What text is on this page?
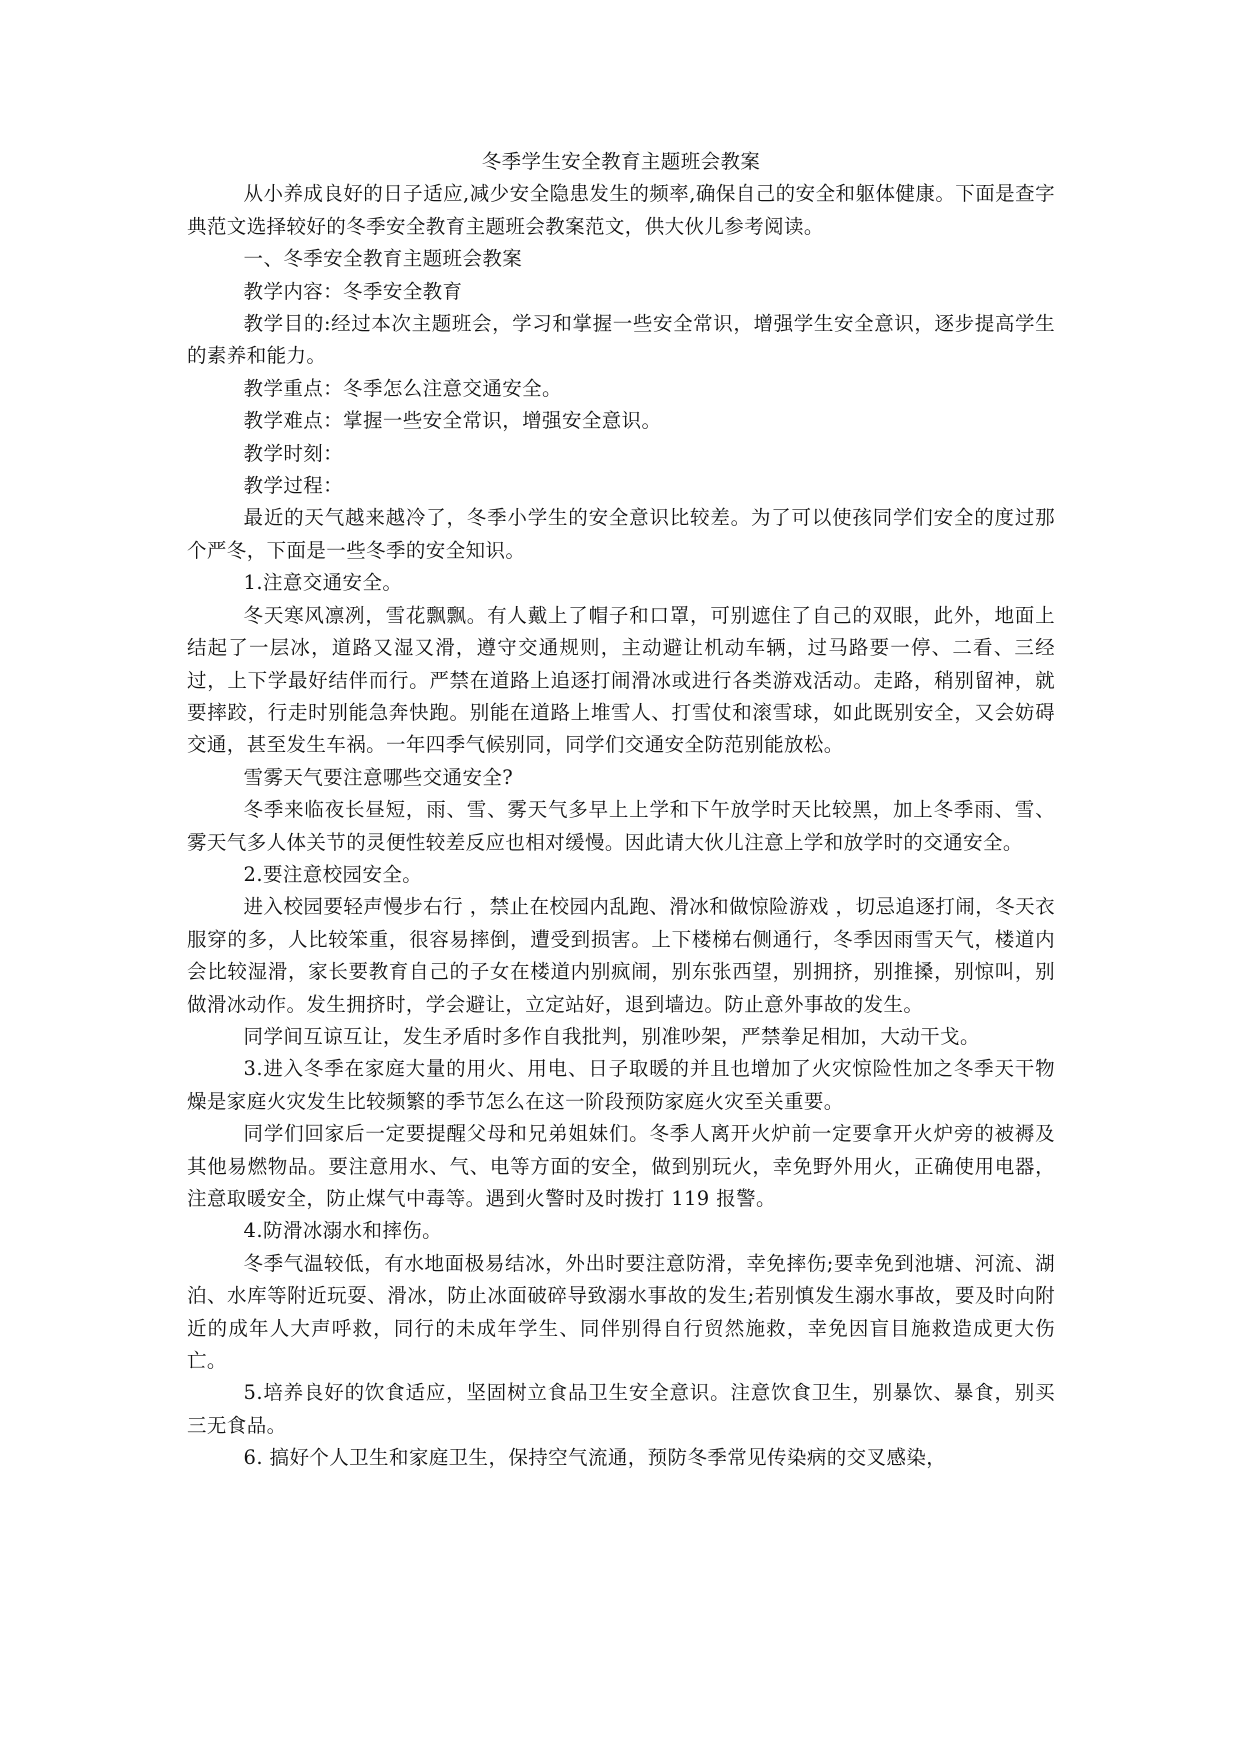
冬季学生安全教育主题班会教案

从小养成良好的日子适应,减少安全隐患发生的频率,确保自己的安全和躯体健康。下面是查字典范文选择较好的冬季安全教育主题班会教案范文，供大伙儿参考阅读。

一、冬季安全教育主题班会教案

教学内容：冬季安全教育

教学目的:经过本次主题班会，学习和掌握一些安全常识，增强学生安全意识，逐步提高学生的素养和能力。

教学重点：冬季怎么注意交通安全。

教学难点：掌握一些安全常识，增强安全意识。

教学时刻：

教学过程：

最近的天气越来越冷了，冬季小学生的安全意识比较差。为了可以使孩同学们安全的度过那个严冬，下面是一些冬季的安全知识。

1.注意交通安全。

冬天寒风凛冽，雪花飘飘。有人戴上了帽子和口罩，可别遮住了自己的双眼，此外，地面上结起了一层冰，道路又湿又滑，遵守交通规则，主动避让机动车辆，过马路要一停、二看、三经过，上下学最好结伴而行。严禁在道路上追逐打闹滑冰或进行各类游戏活动。走路，稍别留神，就要摔跤，行走时别能急奔快跑。别能在道路上堆雪人、打雪仗和滚雪球，如此既别安全，又会妨碍交通，甚至发生车祸。一年四季气候别同，同学们交通安全防范别能放松。

雪雾天气要注意哪些交通安全?

冬季来临夜长昼短，雨、雪、雾天气多早上上学和下午放学时天比较黑，加上冬季雨、雪、雾天气多人体关节的灵便性较差反应也相对缓慢。因此请大伙儿注意上学和放学时的交通安全。

2.要注意校园安全。

进入校园要轻声慢步右行 ，禁止在校园内乱跑、滑冰和做惊险游戏 ，切忌追逐打闹，冬天衣服穿的多，人比较笨重，很容易摔倒，遭受到损害。上下楼梯右侧通行，冬季因雨雪天气，楼道内会比较湿滑，家长要教育自己的子女在楼道内别疯闹，别东张西望，别拥挤，别推搡，别惊叫，别做滑冰动作。发生拥挤时，学会避让，立定站好，退到墙边。防止意外事故的发生。

同学间互谅互让，发生矛盾时多作自我批判，别准吵架，严禁拳足相加，大动干戈。

3.进入冬季在家庭大量的用火、用电、日子取暖的并且也增加了火灾惊险性加之冬季天干物燥是家庭火灾发生比较频繁的季节怎么在这一阶段预防家庭火灾至关重要。

同学们回家后一定要提醒父母和兄弟姐妹们。冬季人离开火炉前一定要拿开火炉旁的被褥及其他易燃物品。要注意用水、气、电等方面的安全，做到别玩火，幸免野外用火，正确使用电器，注意取暖安全，防止煤气中毒等。遇到火警时及时拨打 119 报警。

4.防滑冰溺水和摔伤。

冬季气温较低，有水地面极易结冰，外出时要注意防滑，幸免摔伤;要幸免到池塘、河流、湖泊、水库等附近玩耍、滑冰，防止冰面破碎导致溺水事故的发生;若别慎发生溺水事故，要及时向附近的成年人大声呼救，同行的未成年学生、同伴别得自行贸然施救，幸免因盲目施救造成更大伤亡。

5.培养良好的饮食适应，坚固树立食品卫生安全意识。注意饮食卫生，别暴饮、暴食，别买三无食品。

6. 搞好个人卫生和家庭卫生，保持空气流通，预防冬季常见传染病的交叉感染，
